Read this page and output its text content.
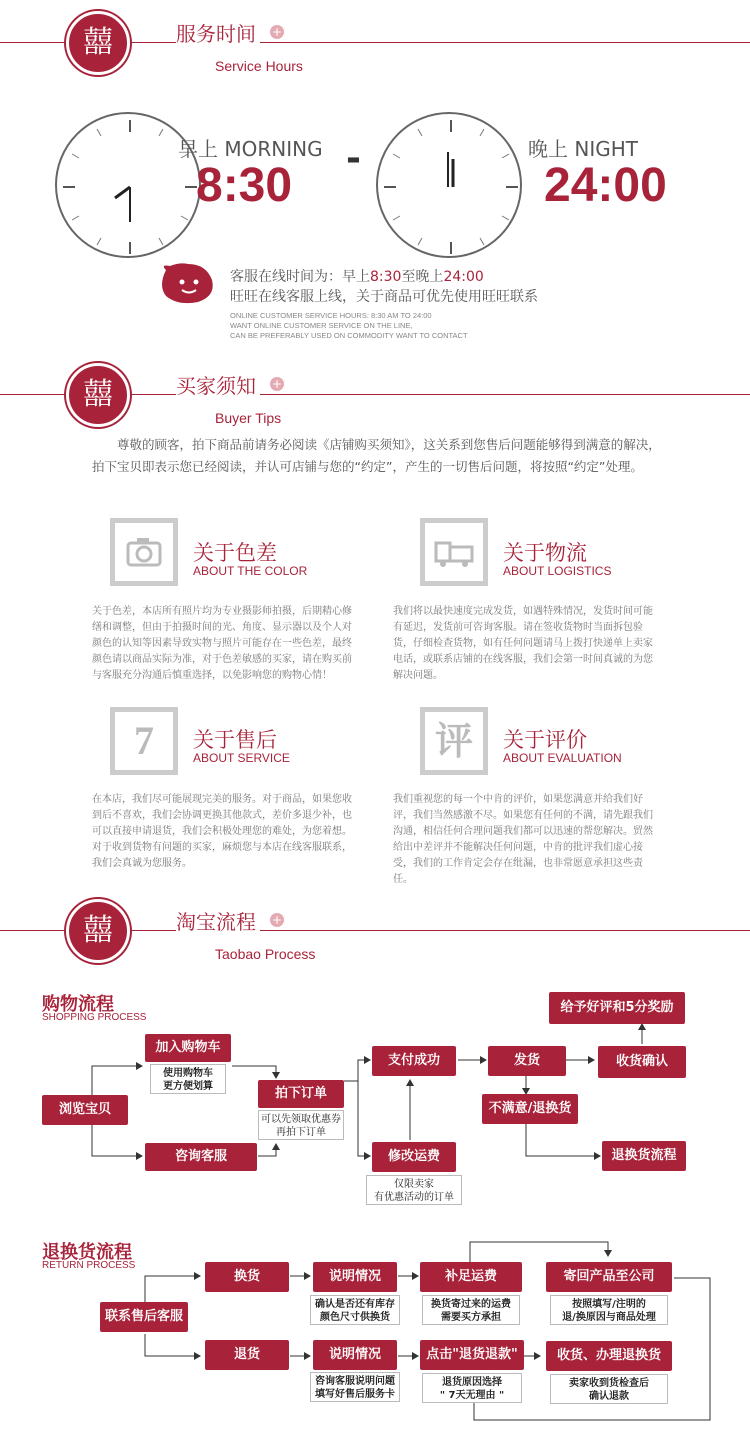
囍	服务时间	+
Service Hours
早上 MORNING
8:30
-	晚上 NIGHT
24:00
客服在线时间为：早上8:30至晚上24:00
旺旺在线客服上线，关于商品可优先使用旺旺联系
ONLINE CUSTOMER SERVICE HOURS: 8:30 AM TO 24:00
WANT ONLINE CUSTOMER SERVICE ON THE LINE,
CAN BE PREFERABLY USED ON COMMODITY WANT TO CONTACT
囍	买家须知	+
Buyer Tips
尊敬的顾客，拍下商品前请务必阅读《店铺购买须知》，这关系到您售后问题能够得到满意的解决，拍下宝贝即表示您已经阅读，并认可店铺与您的“约定”，产生的一切售后问题，将按照“约定”处理。
关于色差
ABOUT THE COLOR
关于色差，本店所有照片均为专业摄影师拍摄，后期精心修缮和调整，但由于拍摄时间的光、角度、显示器以及个人对颜色的认知等因素导致实物与照片可能存在一些色差，最终颜色请以商品实际为准，对于色差敏感的买家，请在购买前与客服充分沟通后慎重选择，以免影响您的购物心情！
关于物流
ABOUT LOGISTICS
我们将以最快速度完成发货，如遇特殊情况，发货时间可能有延迟，发货前可咨询客服。请在签收货物时当面拆包验货，仔细检查货物，如有任何问题请马上拨打快递单上卖家电话，或联系店铺的在线客服，我们会第一时间真诚的为您解决问题。
7	关于售后
ABOUT SERVICE
在本店，我们尽可能展现完美的服务。对于商品，如果您收到后不喜欢，我们会协调更换其他款式，差价多退少补，也可以直接申请退货，我们会积极处理您的难处，为您着想。对于收到货物有问题的买家，麻烦您与本店在线客服联系，我们会真诚为您服务。
评	关于评价
ABOUT EVALUATION
我们重视您的每一个中肯的评价，如果您满意并给我们好评，我们当然感激不尽。如果您有任何的不满，请先跟我们沟通，相信任何合理问题我们都可以迅速的帮您解决。贸然给出中差评并不能解决任何问题，中肯的批评我们虚心接受，我们的工作肯定会存在纰漏，也非常愿意承担这些责任。
囍	淘宝流程	+
Taobao Process
购物流程
SHOPPING PROCESS
浏览宝贝
加入购物车
使用购物车
更方便划算
咨询客服
拍下订单
可以先领取优惠券
再拍下订单
支付成功
修改运费
仅限卖家
有优惠活动的订单
发货
不满意/退换货
收货确认
给予好评和5分奖励
退换货流程
退换货流程
RETURN PROCESS
联系售后客服
换货
退货
说明情况
确认是否还有库存
颜色尺寸供换货
说明情况
咨询客服说明问题
填写好售后服务卡
补足运费
换货寄过来的运费
需要买方承担
点击"退货退款"
退货原因选择
" 7天无理由 "
寄回产品至公司
按照填写/注明的
退/换原因与商品处理
收货、办理退换货
卖家收到货检查后
确认退款
